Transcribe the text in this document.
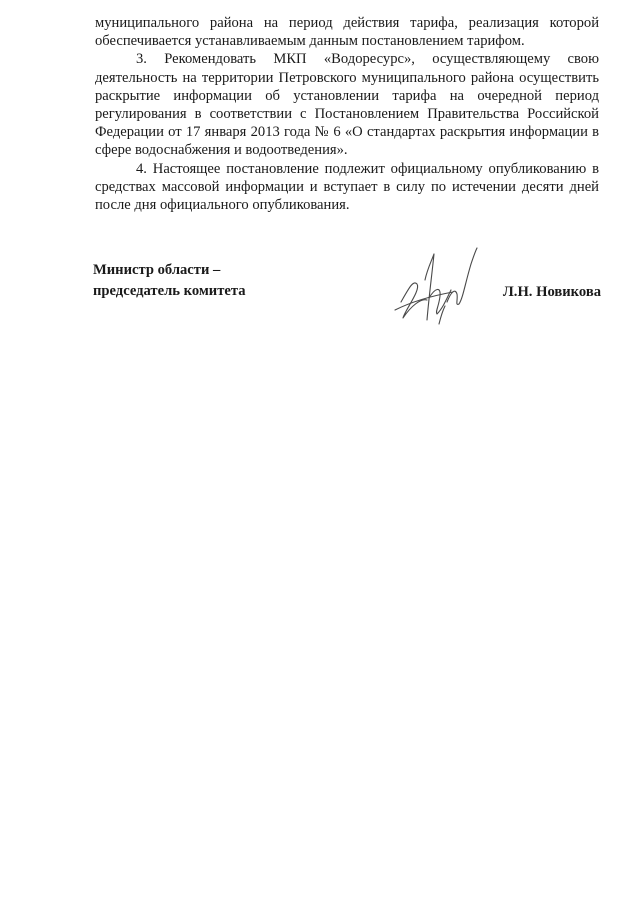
муниципального района на период действия тарифа, реализация которой обеспечивается устанавливаемым данным постановлением тарифом.

3. Рекомендовать МКП «Водоресурс», осуществляющему свою деятельность на территории Петровского муниципального района осуществить раскрытие информации об установлении тарифа на очередной период регулирования в соответствии с Постановлением Правительства Российской Федерации от 17 января 2013 года № 6 «О стандартах раскрытия информации в сфере водоснабжения и водоотведения».

4. Настоящее постановление подлежит официальному опубликованию в средствах массовой информации и вступает в силу по истечении десяти дней после дня официального опубликования.

Министр области –
председатель комитета	Л.Н. Новикова
